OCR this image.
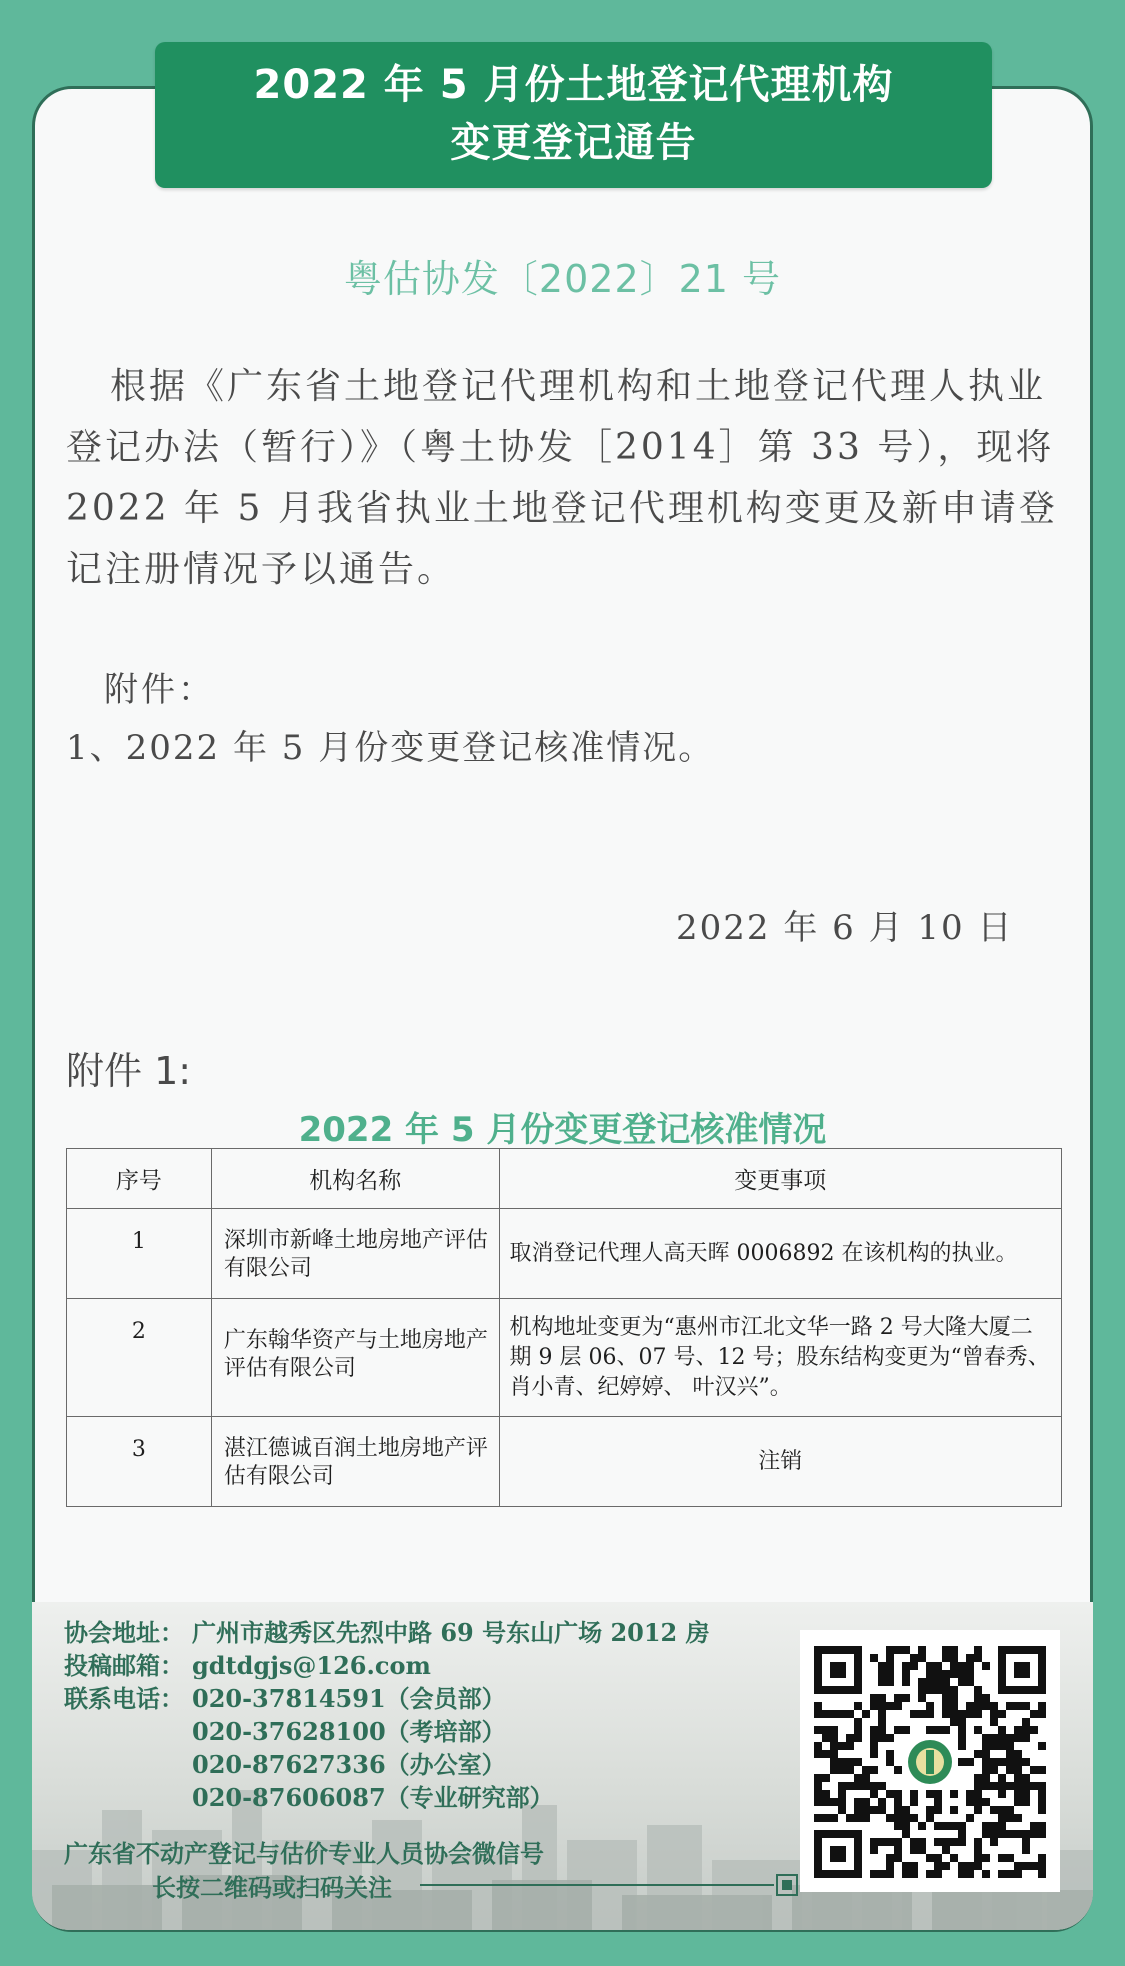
2022 年 5 月份土地登记代理机构
变更登记通告
粤估协发〔2022〕21 号

根据《广东省土地登记代理机构和土地登记代理人执业登记办法（暂行）》（粤土协发［2014］第 33 号），现将 2022 年 5 月我省执业土地登记代理机构变更及新申请登记注册情况予以通告。

附件：
1、2022 年 5 月份变更登记核准情况。
2022 年 6 月 10 日
附件 1:
2022 年 5 月份变更登记核准情况
序号	机构名称	变更事项
1	深圳市新峰土地房地产评估有限公司	取消登记代理人高天晖 0006892 在该机构的执业。
2	广东翰华资产与土地房地产评估有限公司	机构地址变更为“惠州市江北文华一路 2 号大隆大厦二期 9 层 06、07 号、12 号；股东结构变更为“曾春秀、 肖小青、纪婷婷、 叶汉兴”。
3	湛江德诚百润土地房地产评估有限公司	注销
协会地址： 广州市越秀区先烈中路 69 号东山广场 2012 房
投稿邮箱： gdtdgjs@126.com
联系电话： 020-37814591（会员部）
020-37628100（考培部）
020-87627336（办公室）
020-87606087（专业研究部）
广东省不动产登记与估价专业人员协会微信号
长按二维码或扫码关注
